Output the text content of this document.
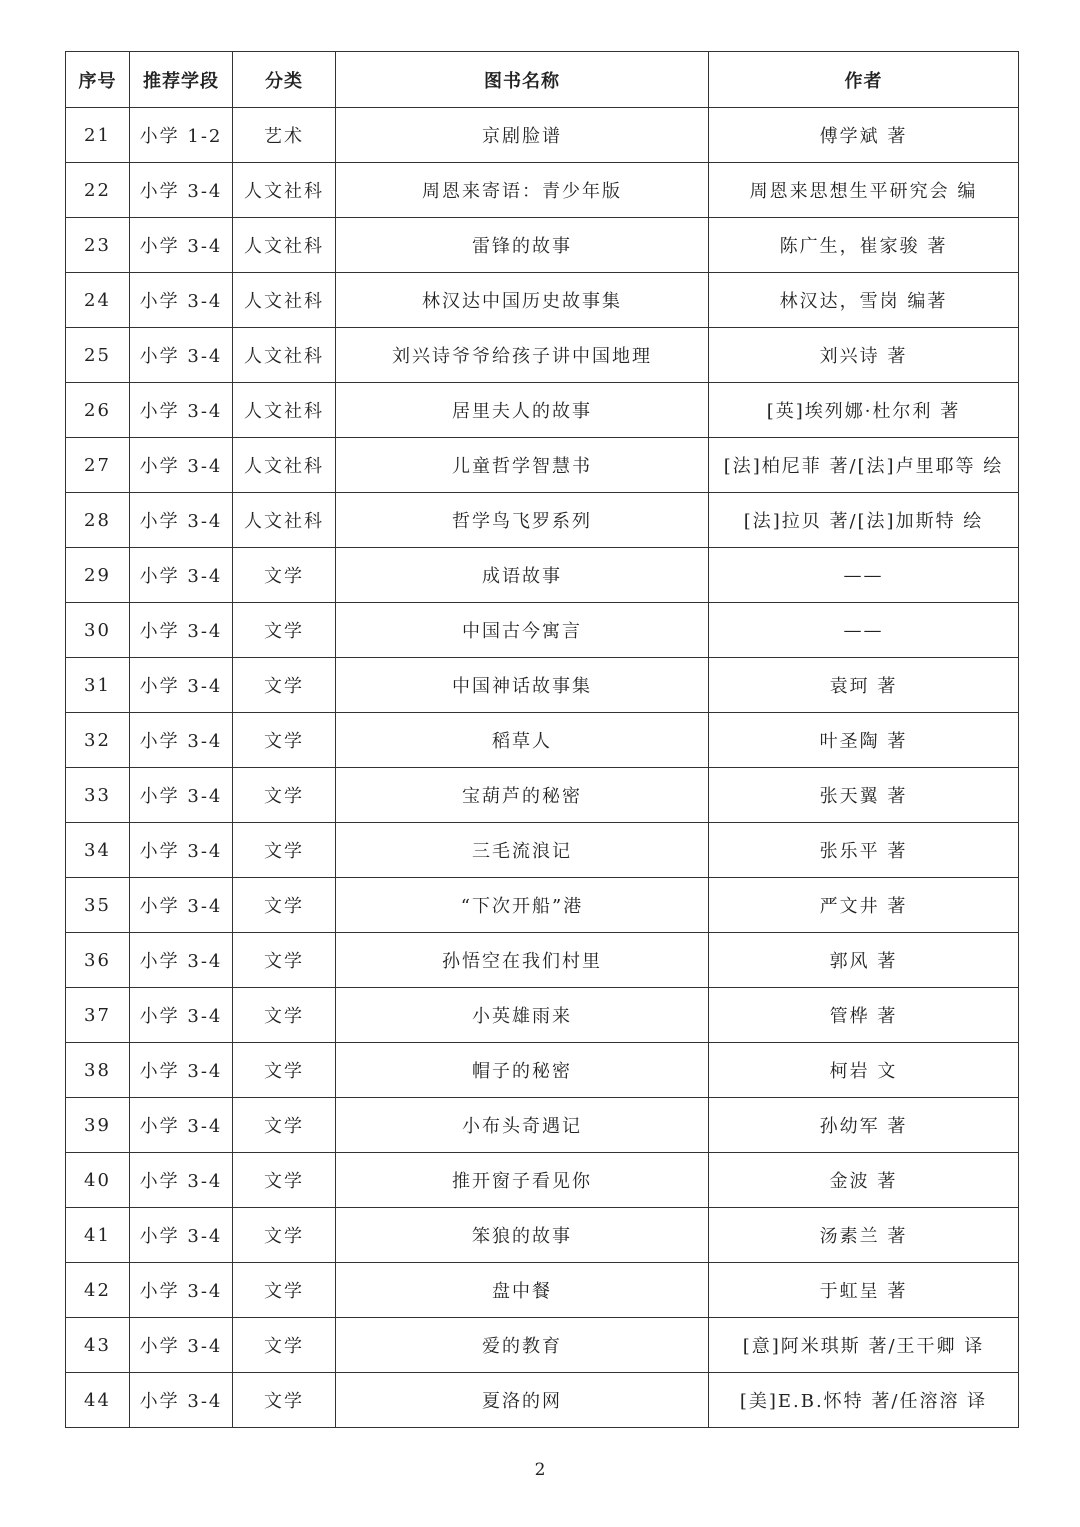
序号	推荐学段	分类	图书名称	作者
21	小学 1-2	艺术	京剧脸谱	傅学斌 著
22	小学 3-4	人文社科	周恩来寄语：青少年版	周恩来思想生平研究会 编
23	小学 3-4	人文社科	雷锋的故事	陈广生，崔家骏 著
24	小学 3-4	人文社科	林汉达中国历史故事集	林汉达，雪岗 编著
25	小学 3-4	人文社科	刘兴诗爷爷给孩子讲中国地理	刘兴诗 著
26	小学 3-4	人文社科	居里夫人的故事	[英]埃列娜·杜尔利 著
27	小学 3-4	人文社科	儿童哲学智慧书	[法]柏尼菲 著/[法]卢里耶等 绘
28	小学 3-4	人文社科	哲学鸟飞罗系列	[法]拉贝 著/[法]加斯特 绘
29	小学 3-4	文学	成语故事	——
30	小学 3-4	文学	中国古今寓言	——
31	小学 3-4	文学	中国神话故事集	袁珂 著
32	小学 3-4	文学	稻草人	叶圣陶 著
33	小学 3-4	文学	宝葫芦的秘密	张天翼 著
34	小学 3-4	文学	三毛流浪记	张乐平 著
35	小学 3-4	文学	“下次开船”港	严文井 著
36	小学 3-4	文学	孙悟空在我们村里	郭风 著
37	小学 3-4	文学	小英雄雨来	管桦 著
38	小学 3-4	文学	帽子的秘密	柯岩 文
39	小学 3-4	文学	小布头奇遇记	孙幼军 著
40	小学 3-4	文学	推开窗子看见你	金波 著
41	小学 3-4	文学	笨狼的故事	汤素兰 著
42	小学 3-4	文学	盘中餐	于虹呈 著
43	小学 3-4	文学	爱的教育	[意]阿米琪斯 著/王干卿 译
44	小学 3-4	文学	夏洛的网	[美]E.B.怀特 著/任溶溶 译
2
